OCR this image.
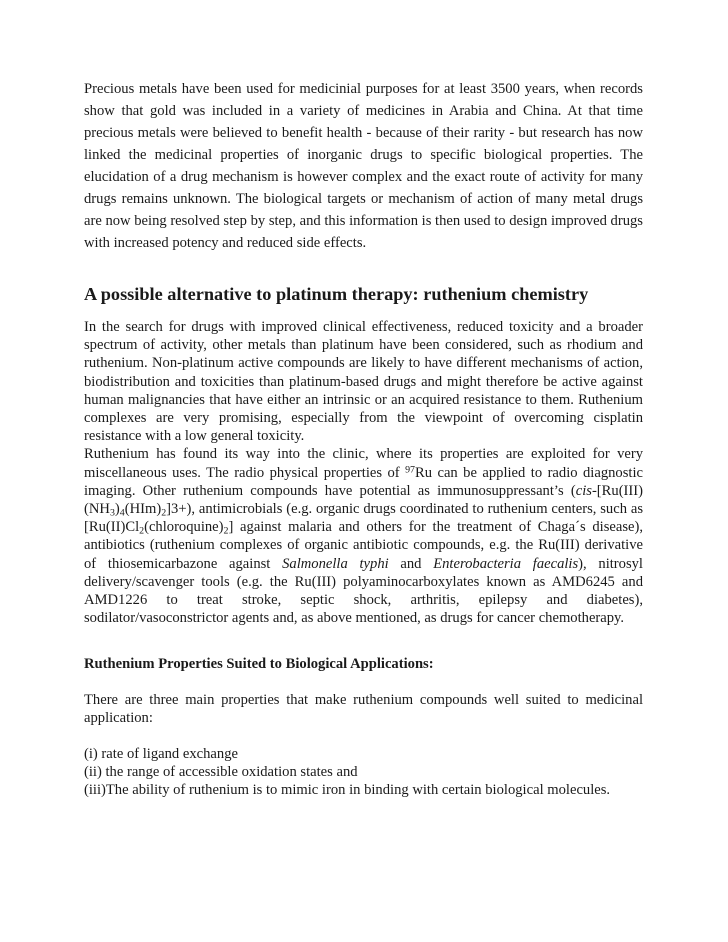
Precious metals have been used for medicinial purposes for at least 3500 years, when records show that gold was included in a variety of medicines in Arabia and China. At that time precious metals were believed to benefit health - because of their rarity - but research has now linked the medicinal properties of inorganic drugs to specific biological properties. The elucidation of a drug mechanism is however complex and the exact route of activity for many drugs remains unknown. The biological targets or mechanism of action of many metal drugs are now being resolved step by step, and this information is then used to design improved drugs with increased potency and reduced side effects.

A possible alternative to platinum therapy: ruthenium chemistry

In the search for drugs with improved clinical effectiveness, reduced toxicity and a broader spectrum of activity, other metals than platinum have been considered, such as rhodium and ruthenium. Non-platinum active compounds are likely to have different mechanisms of action, biodistribution and toxicities than platinum-based drugs and might therefore be active against human malignancies that have either an intrinsic or an acquired resistance to them. Ruthenium complexes are very promising, especially from the viewpoint of overcoming cisplatin resistance with a low general toxicity.

Ruthenium has found its way into the clinic, where its properties are exploited for very miscellaneous uses. The radio physical properties of $^{97}$Ru can be applied to radio diagnostic imaging. Other ruthenium compounds have potential as immunosuppressant’s $(cis-[Ru(III)(NH_3)_4(HIm)_2]3+)$, antimicrobials (e.g. organic drugs coordinated to ruthenium centers, such as $[Ru(II)Cl_2(chloroquine)_2]$ against malaria and others for the treatment of Chaga´s disease), antibiotics (ruthenium complexes of organic antibiotic compounds, e.g. the Ru(III) derivative of thiosemicarbazone against Salmonella typhi and Enterobacteria faecalis), nitrosyl delivery/scavenger tools (e.g. the Ru(III) polyaminocarboxylates known as AMD6245 and AMD1226 to treat stroke, septic shock, arthritis, epilepsy and diabetes), sodilator/vasoconstrictor agents and, as above mentioned, as drugs for cancer chemotherapy.

Ruthenium Properties Suited to Biological Applications:

There are three main properties that make ruthenium compounds well suited to medicinal application:

(i) rate of ligand exchange
(ii) the range of accessible oxidation states and
(iii)The ability of ruthenium is to mimic iron in binding with certain biological molecules.
